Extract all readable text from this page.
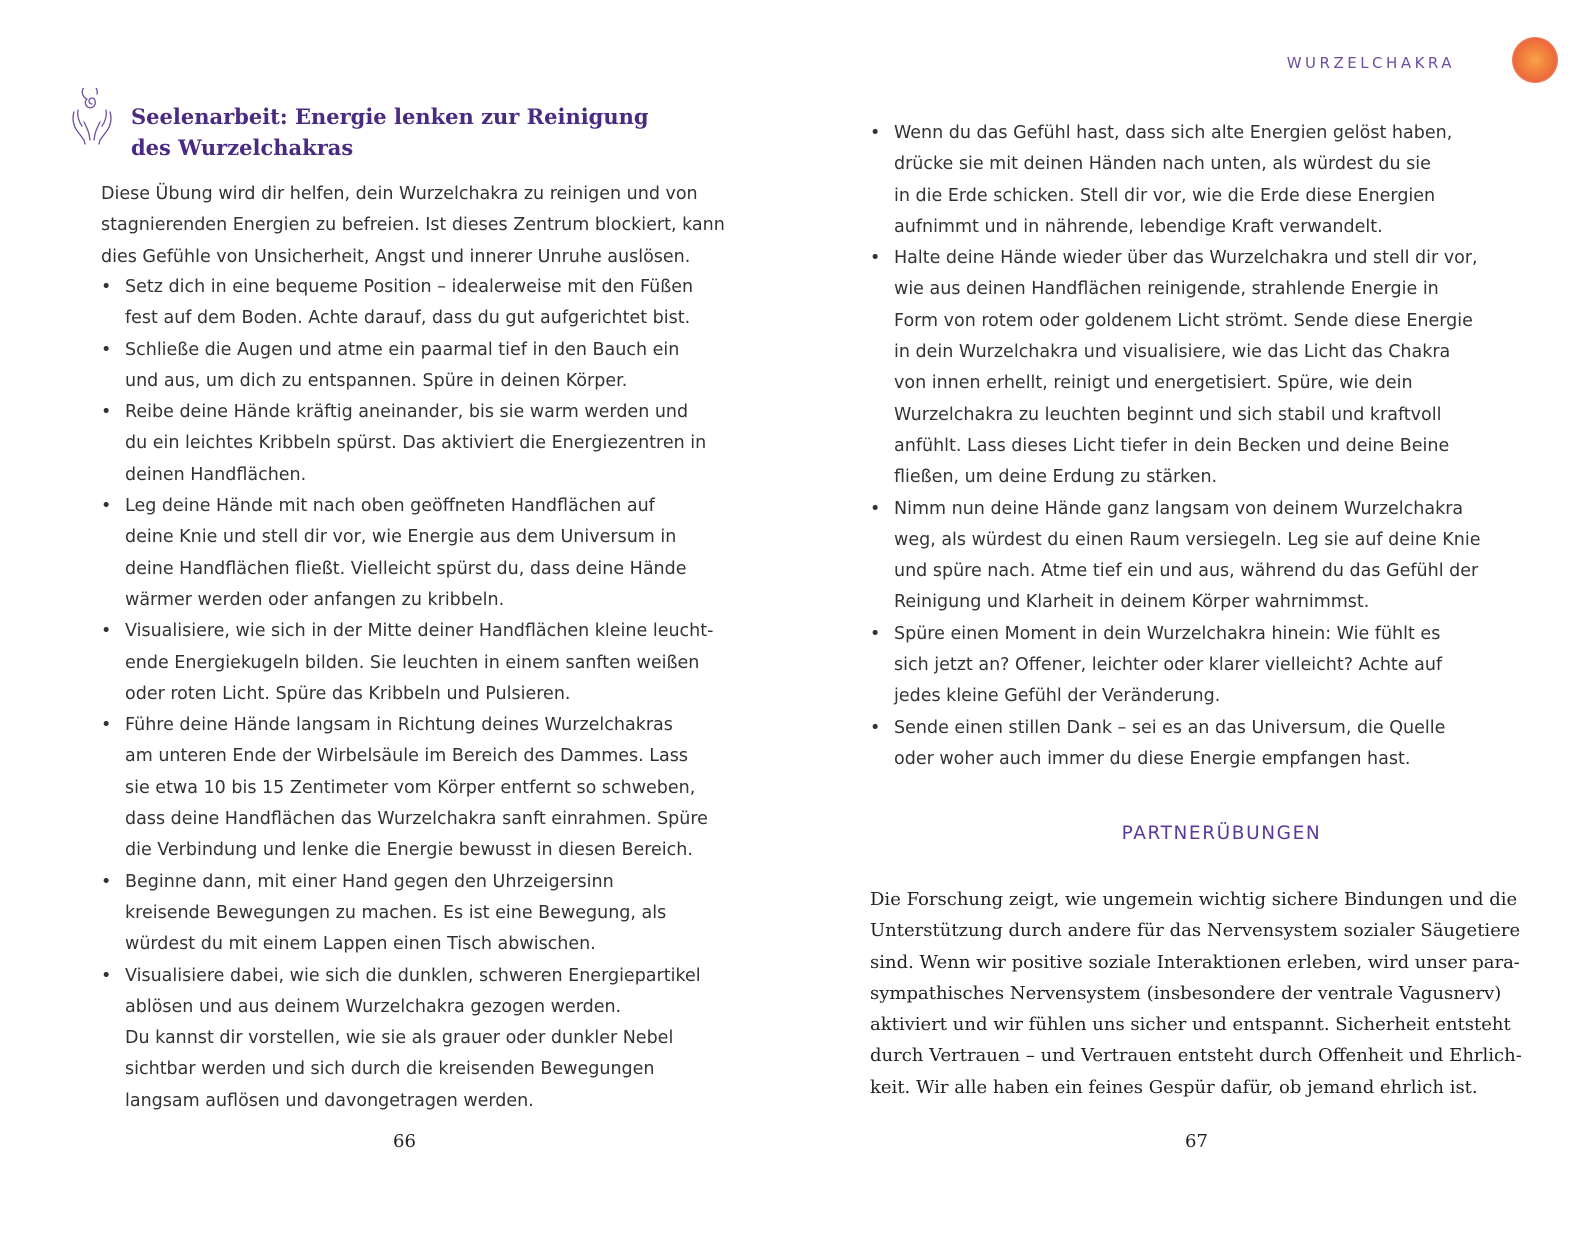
Seelenarbeit: Energie lenken zur Reinigung
des Wurzelchakras
Diese Übung wird dir helfen, dein Wurzelchakra zu reinigen und von
stagnierenden Energien zu befreien. Ist dieses Zentrum blockiert, kann
dies Gefühle von Unsicherheit, Angst und innerer Unruhe auslösen.
• Setz dich in eine bequeme Position – idealerweise mit den Füßen
fest auf dem Boden. Achte darauf, dass du gut aufgerichtet bist.
• Schließe die Augen und atme ein paarmal tief in den Bauch ein
und aus, um dich zu entspannen. Spüre in deinen Körper.
• Reibe deine Hände kräftig aneinander, bis sie warm werden und
du ein leichtes Kribbeln spürst. Das aktiviert die Energiezentren in
deinen Handflächen.
• Leg deine Hände mit nach oben geöffneten Handflächen auf
deine Knie und stell dir vor, wie Energie aus dem Universum in
deine Handflächen fließt. Vielleicht spürst du, dass deine Hände
wärmer werden oder anfangen zu kribbeln.
• Visualisiere, wie sich in der Mitte deiner Handflächen kleine leucht-
ende Energiekugeln bilden. Sie leuchten in einem sanften weißen
oder roten Licht. Spüre das Kribbeln und Pulsieren.
• Führe deine Hände langsam in Richtung deines Wurzelchakras
am unteren Ende der Wirbelsäule im Bereich des Dammes. Lass
sie etwa 10 bis 15 Zentimeter vom Körper entfernt so schweben,
dass deine Handflächen das Wurzelchakra sanft einrahmen. Spüre
die Verbindung und lenke die Energie bewusst in diesen Bereich.
• Beginne dann, mit einer Hand gegen den Uhrzeigersinn
kreisende Bewegungen zu machen. Es ist eine Bewegung, als
würdest du mit einem Lappen einen Tisch abwischen.
• Visualisiere dabei, wie sich die dunklen, schweren Energiepartikel
ablösen und aus deinem Wurzelchakra gezogen werden.
Du kannst dir vorstellen, wie sie als grauer oder dunkler Nebel
sichtbar werden und sich durch die kreisenden Bewegungen
langsam auflösen und davongetragen werden.
66
WURZELCHAKRA
• Wenn du das Gefühl hast, dass sich alte Energien gelöst haben,
drücke sie mit deinen Händen nach unten, als würdest du sie
in die Erde schicken. Stell dir vor, wie die Erde diese Energien
aufnimmt und in nährende, lebendige Kraft verwandelt.
• Halte deine Hände wieder über das Wurzelchakra und stell dir vor,
wie aus deinen Handflächen reinigende, strahlende Energie in
Form von rotem oder goldenem Licht strömt. Sende diese Energie
in dein Wurzelchakra und visualisiere, wie das Licht das Chakra
von innen erhellt, reinigt und energetisiert. Spüre, wie dein
Wurzelchakra zu leuchten beginnt und sich stabil und kraftvoll
anfühlt. Lass dieses Licht tiefer in dein Becken und deine Beine
fließen, um deine Erdung zu stärken.
• Nimm nun deine Hände ganz langsam von deinem Wurzelchakra
weg, als würdest du einen Raum versiegeln. Leg sie auf deine Knie
und spüre nach. Atme tief ein und aus, während du das Gefühl der
Reinigung und Klarheit in deinem Körper wahrnimmst.
• Spüre einen Moment in dein Wurzelchakra hinein: Wie fühlt es
sich jetzt an? Offener, leichter oder klarer vielleicht? Achte auf
jedes kleine Gefühl der Veränderung.
• Sende einen stillen Dank – sei es an das Universum, die Quelle
oder woher auch immer du diese Energie empfangen hast.
PARTNERÜBUNGEN
Die Forschung zeigt, wie ungemein wichtig sichere Bindungen und die
Unterstützung durch andere für das Nervensystem sozialer Säugetiere
sind. Wenn wir positive soziale Interaktionen erleben, wird unser para-
sympathisches Nervensystem (insbesondere der ventrale Vagusnerv)
aktiviert und wir fühlen uns sicher und entspannt. Sicherheit entsteht
durch Vertrauen – und Vertrauen entsteht durch Offenheit und Ehrlich-
keit. Wir alle haben ein feines Gespür dafür, ob jemand ehrlich ist.
67
